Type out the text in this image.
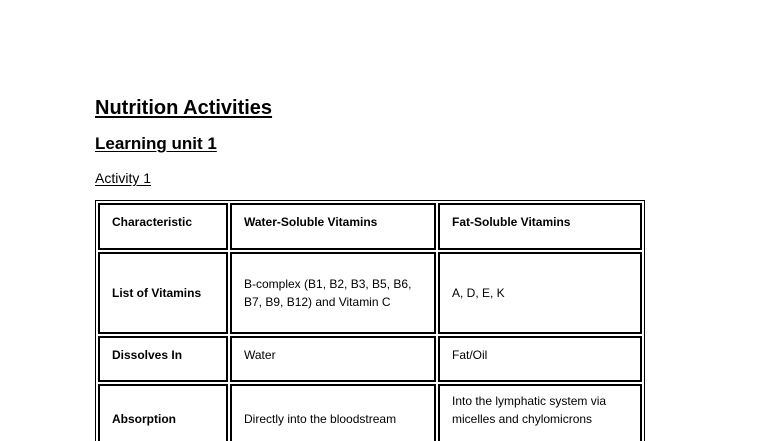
Nutrition Activities
Learning unit 1
Activity 1
Characteristic	Water-Soluble Vitamins	Fat-Soluble Vitamins
List of Vitamins	B-complex (B1, B2, B3, B5, B6, B7, B9, B12) and Vitamin C	A, D, E, K
Dissolves In	Water	Fat/Oil
Absorption	Directly into the bloodstream	Into the lymphatic system via micelles and chylomicrons
